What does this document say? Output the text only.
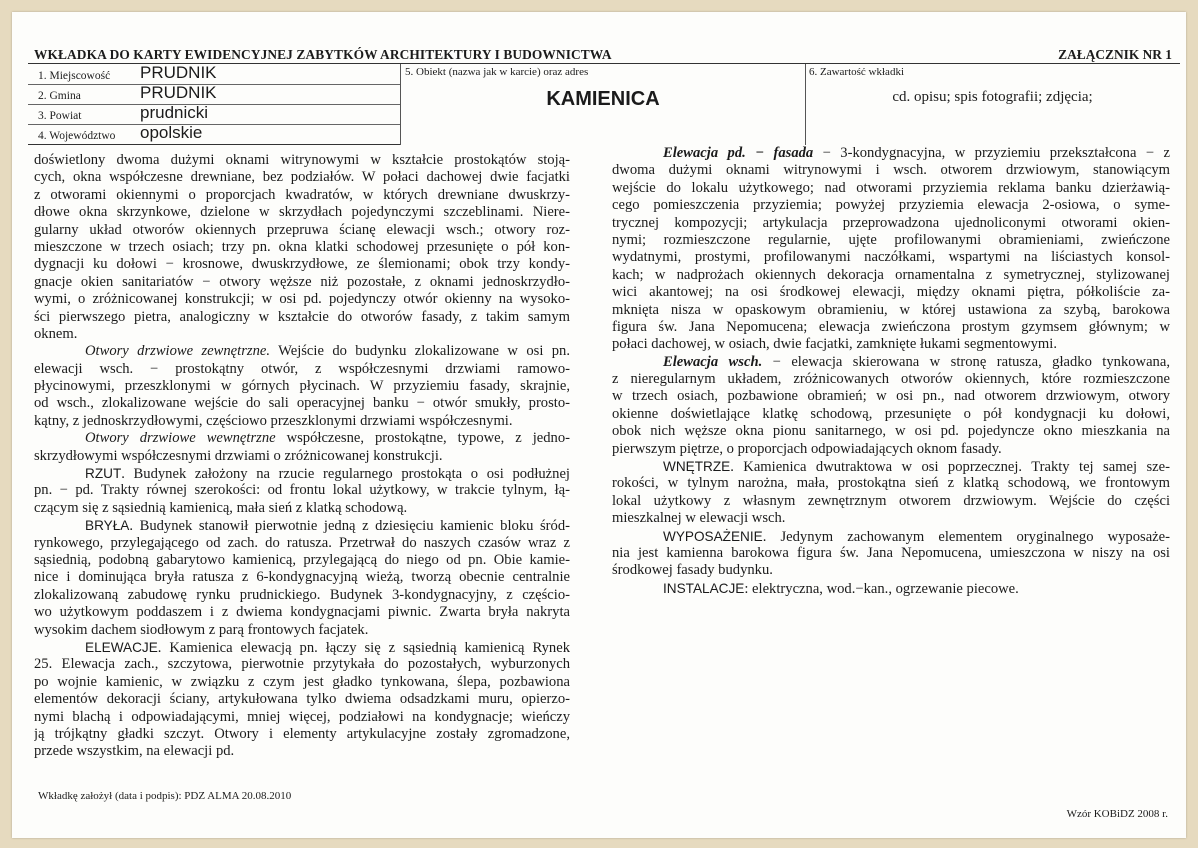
WKŁADKA DO KARTY EWIDENCYJNEJ ZABYTKÓW ARCHITEKTURY I BUDOWNICTWA	ZAŁĄCZNIK NR 1
1. Miejscowość PRUDNIK
2. Gmina	PRUDNIK
3. Powiat	prudnicki
4. Województwo opolskie
5. Obiekt (nazwa jak w karcie) oraz adres
KAMIENICA
6. Zawartość wkładki
cd. opisu; spis fotografii; zdjęcia;
doświetlony dwoma dużymi oknami witrynowymi w kształcie prostokątów stoją-
cych, okna współczesne drewniane, bez podziałów. W połaci dachowej dwie facjatki
z otworami okiennymi o proporcjach kwadratów, w których drewniane dwuskrzy-
dłowe okna skrzynkowe, dzielone w skrzydłach pojedynczymi szczeblinami. Niere-
gularny układ otworów okiennych przepruwa ścianę elewacji wsch.; otwory roz-
mieszczone w trzech osiach; trzy pn. okna klatki schodowej przesunięte o pół kon-
dygnacji ku dołowi − krosnowe, dwuskrzydłowe, ze ślemionami; obok trzy kondy-
gnacje okien sanitariatów − otwory węższe niż pozostałe, z oknami jednoskrzydło-
wymi, o zróżnicowanej konstrukcji; w osi pd. pojedynczy otwór okienny na wysoko-
ści pierwszego pietra, analogiczny w kształcie do otworów fasady, z takim samym
oknem.
Otwory drzwiowe zewnętrzne. Wejście do budynku zlokalizowane w osi pn.
elewacji wsch. − prostokątny otwór, z współczesnymi drzwiami ramowo-
płycinowymi, przeszklonymi w górnych płycinach. W przyziemiu fasady, skrajnie,
od wsch., zlokalizowane wejście do sali operacyjnej banku − otwór smukły, prosto-
kątny, z jednoskrzydłowymi, częściowo przeszklonymi drzwiami współczesnymi.
Otwory drzwiowe wewnętrzne współczesne, prostokątne, typowe, z jedno-
skrzydłowymi współczesnymi drzwiami o zróżnicowanej konstrukcji.
RZUT. Budynek założony na rzucie regularnego prostokąta o osi podłużnej
pn. − pd. Trakty równej szerokości: od frontu lokal użytkowy, w trakcie tylnym, łą-
czącym się z sąsiednią kamienicą, mała sień z klatką schodową.
BRYŁA. Budynek stanowił pierwotnie jedną z dziesięciu kamienic bloku śród-
rynkowego, przylegającego od zach. do ratusza. Przetrwał do naszych czasów wraz z
sąsiednią, podobną gabarytowo kamienicą, przylegającą do niego od pn. Obie kamie-
nice i dominująca bryła ratusza z 6-kondygnacyjną wieżą, tworzą obecnie centralnie
zlokalizowaną zabudowę rynku prudnickiego. Budynek 3-kondygnacyjny, z częścio-
wo użytkowym poddaszem i z dwiema kondygnacjami piwnic. Zwarta bryła nakryta
wysokim dachem siodłowym z parą frontowych facjatek.
ELEWACJE. Kamienica elewacją pn. łączy się z sąsiednią kamienicą Rynek
25. Elewacja zach., szczytowa, pierwotnie przytykała do pozostałych, wyburzonych
po wojnie kamienic, w związku z czym jest gładko tynkowana, ślepa, pozbawiona
elementów dekoracji ściany, artykułowana tylko dwiema odsadzkami muru, opierzo-
nymi blachą i odpowiadającymi, mniej więcej, podziałowi na kondygnacje; wieńczy
ją trójkątny gładki szczyt. Otwory i elementy artykulacyjne zostały zgromadzone,
przede wszystkim, na elewacji pd.
Elewacja pd. − fasada − 3-kondygnacyjna, w przyziemiu przekształcona − z
dwoma dużymi oknami witrynowymi i wsch. otworem drzwiowym, stanowiącym
wejście do lokalu użytkowego; nad otworami przyziemia reklama banku dzierżawią-
cego pomieszczenia przyziemia; powyżej przyziemia elewacja 2-osiowa, o syme-
trycznej kompozycji; artykulacja przeprowadzona ujednoliconymi otworami okien-
nymi; rozmieszczone regularnie, ujęte profilowanymi obramieniami, zwieńczone
wydatnymi, prostymi, profilowanymi naczółkami, wspartymi na liściastych konsol-
kach; w nadprożach okiennych dekoracja ornamentalna z symetrycznej, stylizowanej
wici akantowej; na osi środkowej elewacji, między oknami piętra, półkoliście za-
mknięta nisza w opaskowym obramieniu, w której ustawiona za szybą, barokowa
figura św. Jana Nepomucena; elewacja zwieńczona prostym gzymsem głównym; w
połaci dachowej, w osiach, dwie facjatki, zamknięte łukami segmentowymi.
Elewacja wsch. − elewacja skierowana w stronę ratusza, gładko tynkowana,
z nieregularnym układem, zróżnicowanych otworów okiennych, które rozmieszczone
w trzech osiach, pozbawione obramień; w osi pn., nad otworem drzwiowym, otwory
okienne doświetlające klatkę schodową, przesunięte o pół kondygnacji ku dołowi,
obok nich węższe okna pionu sanitarnego, w osi pd. pojedyncze okno mieszkania na
pierwszym piętrze, o proporcjach odpowiadających oknom fasady.
WNĘTRZE. Kamienica dwutraktowa w osi poprzecznej. Trakty tej samej sze-
rokości, w tylnym narożna, mała, prostokątna sień z klatką schodową, we frontowym
lokal użytkowy z własnym zewnętrznym otworem drzwiowym. Wejście do części
mieszkalnej w elewacji wsch.
WYPOSAŻENIE. Jedynym zachowanym elementem oryginalnego wyposaże-
nia jest kamienna barokowa figura św. Jana Nepomucena, umieszczona w niszy na osi
środkowej fasady budynku.
INSTALACJE: elektryczna, wod.−kan., ogrzewanie piecowe.
Wkładkę założył (data i podpis): PDZ ALMA 20.08.2010
Wzór KOBiDZ 2008 r.
